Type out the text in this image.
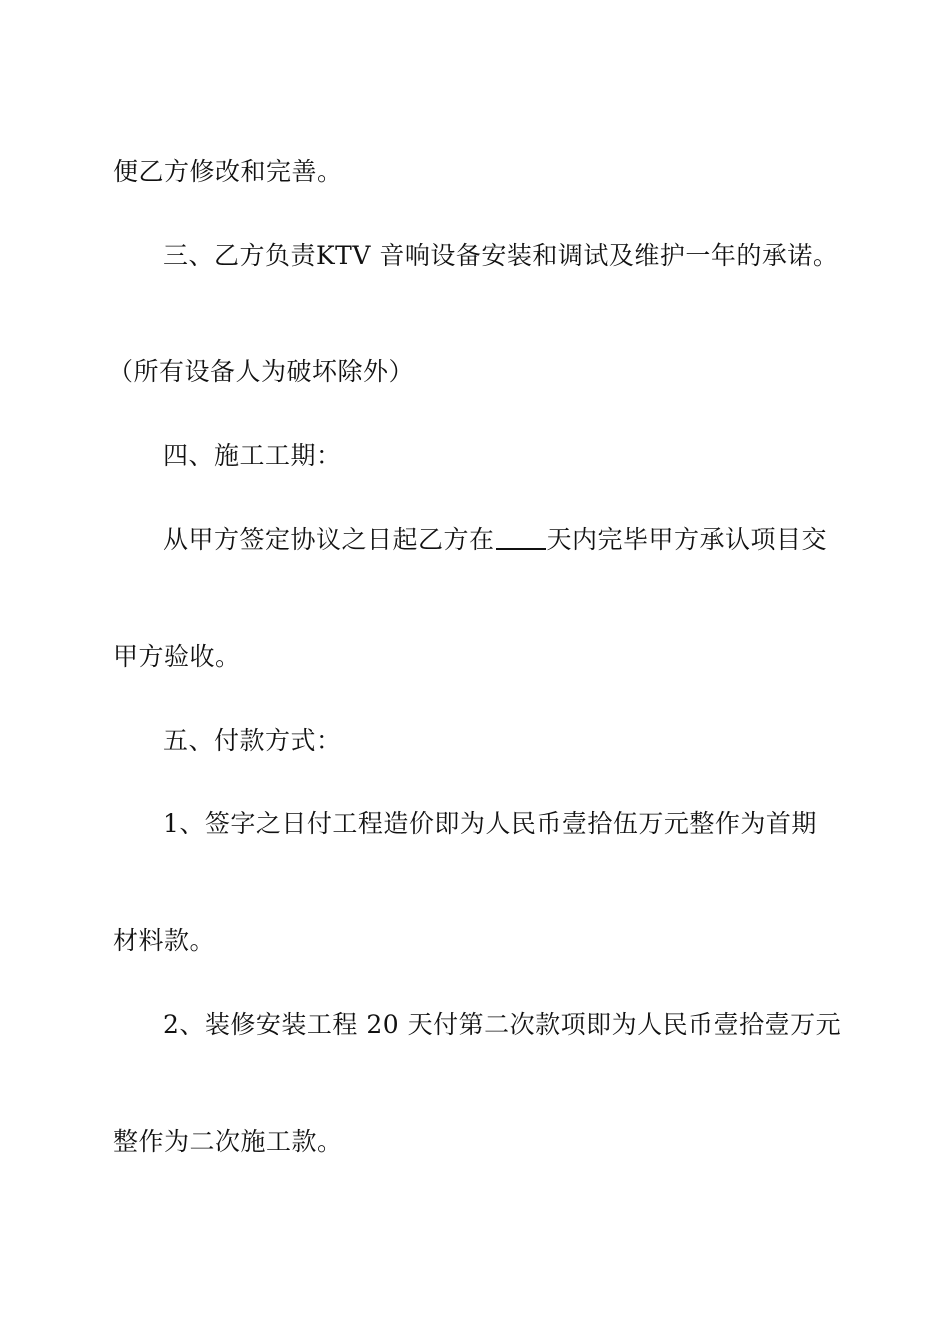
便乙方修改和完善。
三、乙方负责KTV 音响设备安装和调试及维护一年的承诺。
（所有设备人为破坏除外）
四、施工工期：
从甲方签定协议之日起乙方在 天内完毕甲方承认项目交
甲方验收。
五、付款方式：
1、签字之日付工程造价即为人民币壹拾伍万元整作为首期
材料款。
2、装修安装工程 20 天付第二次款项即为人民币壹拾壹万元
整作为二次施工款。
